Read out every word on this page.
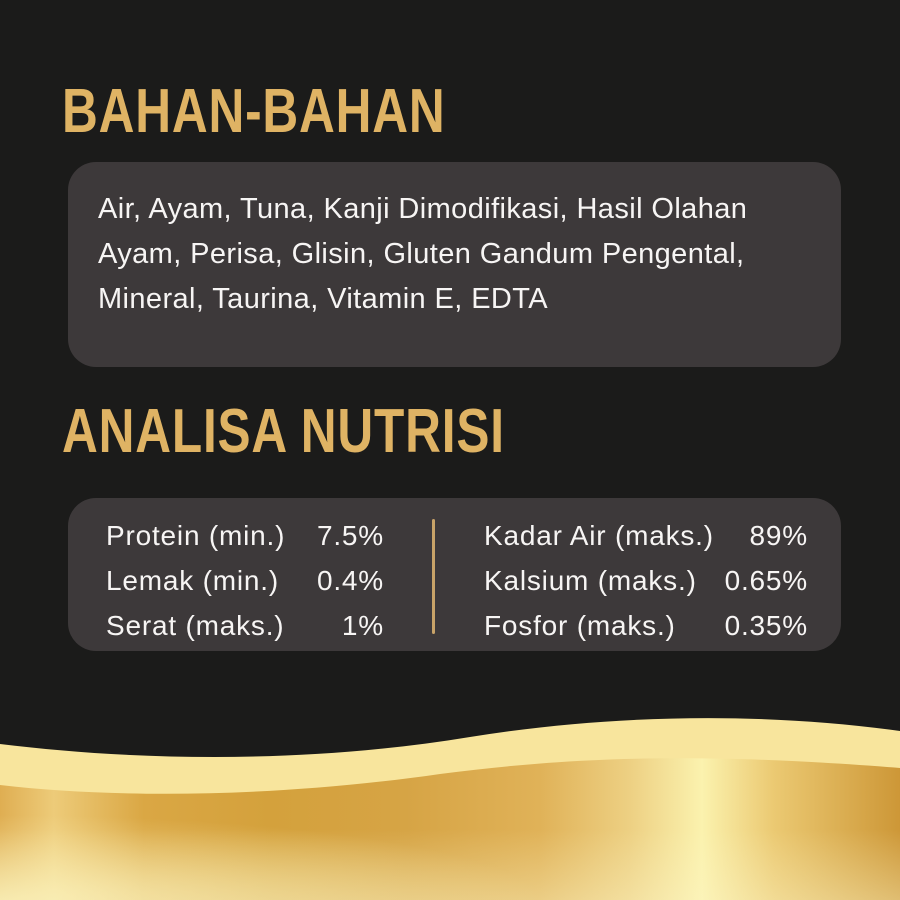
BAHAN-BAHAN
Air, Ayam, Tuna, Kanji Dimodifikasi, Hasil Olahan Ayam, Perisa, Glisin, Gluten Gandum Pengental, Mineral, Taurina, Vitamin E, EDTA
ANALISA NUTRISI
Protein (min.) 7.5%
Lemak (min.) 0.4%
Serat (maks.) 1%
Kadar Air (maks.) 89%
Kalsium (maks.) 0.65%
Fosfor (maks.) 0.35%
